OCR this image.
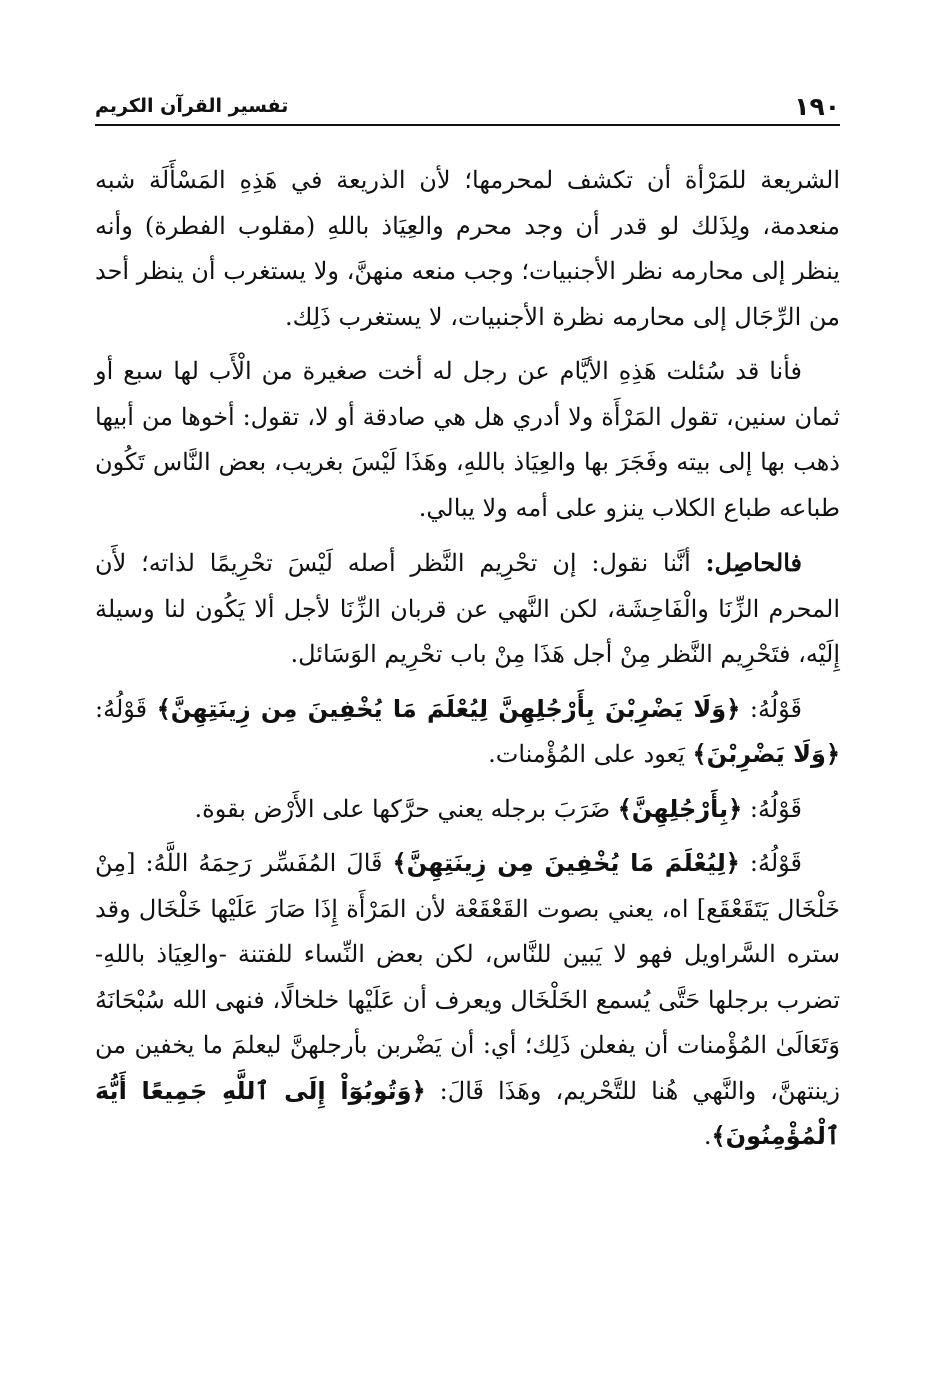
١٩٠
تفسير القرآن الكريم

الشريعة للمَرْأة أن تكشف لمحرمها؛ لأن الذريعة في هَذِهِ المَسْأَلَة شبه منعدمة، ولِذَلك لو قدر أن وجد محرم والعِيَاذ باللهِ (مقلوب الفطرة) وأنه ينظر إلى محارمه نظر الأجنبيات؛ وجب منعه منهنَّ، ولا يستغرب أن ينظر أحد من الرِّجَال إلى محارمه نظرة الأجنبيات، لا يستغرب ذَلِك.

فأنا قد سُئلت هَذِهِ الأيَّام عن رجل له أخت صغيرة من الْأَب لها سبع أو ثمان سنين، تقول المَرْأَة ولا أدري هل هي صادقة أو لا، تقول: أخوها من أبيها ذهب بها إلى بيته وفَجَرَ بها والعِيَاذ باللهِ، وهَذَا لَيْسَ بغريب، بعض النَّاس تَكُون طباعه طباع الكلاب ينزو على أمه ولا يبالي.

فالحاصِل: أنَّنا نقول: إن تحْرِيم النَّظر أصله لَيْسَ تحْرِيمًا لذاته؛ لأَن المحرم الزِّنَا والْفَاحِشَة، لكن النَّهي عن قربان الزِّنَا لأجل ألا يَكُون لنا وسيلة إِلَيْه، فتَحْرِيم النَّظر مِنْ أجل هَذَا مِنْ باب تحْرِيم الوَسَائل.

قَوْلُهُ: ﴿وَلَا يَضْرِبْنَ بِأَرْجُلِهِنَّ لِيُعْلَمَ مَا يُخْفِينَ مِن زِينَتِهِنَّ﴾ قَوْلُهُ: ﴿وَلَا يَضْرِبْنَ﴾ يَعود على المُؤْمنات.

قَوْلُهُ: ﴿بِأَرْجُلِهِنَّ﴾ ضَرَبَ برجله يعني حرَّكها على الأَرْض بقوة.

قَوْلُهُ: ﴿لِيُعْلَمَ مَا يُخْفِينَ مِن زِينَتِهِنَّ﴾ قَالَ المُفَسِّر رَحِمَهُ اللَّهُ: [مِنْ خَلْخَال يَتَقَعْقَع] اه، يعني بصوت القَعْقَعْة لأن المَرْأَة إِذَا صَارَ عَلَيْها خَلْخَال وقد ستره السَّراويل فهو لا يَبين للنَّاس، لكن بعض النِّساء للفتنة -والعِيَاذ باللهِ- تضرب برجلها حَتَّى يُسمع الخَلْخَال ويعرف أن عَلَيْها خلخالًا، فنهى الله سُبْحَانَهُ وَتَعَالَىٰ المُؤْمنات أن يفعلن ذَلِك؛ أي: أن يَضْربن بأرجلهنَّ ليعلمَ ما يخفين من زينتهنَّ، والنَّهي هُنا للتَّحْريم، وهَذَا قَالَ: ﴿وَتُوبُوٓاْ إِلَى ٱللَّهِ جَمِيعًا أَيُّهَ ٱلْمُؤْمِنُونَ﴾.
